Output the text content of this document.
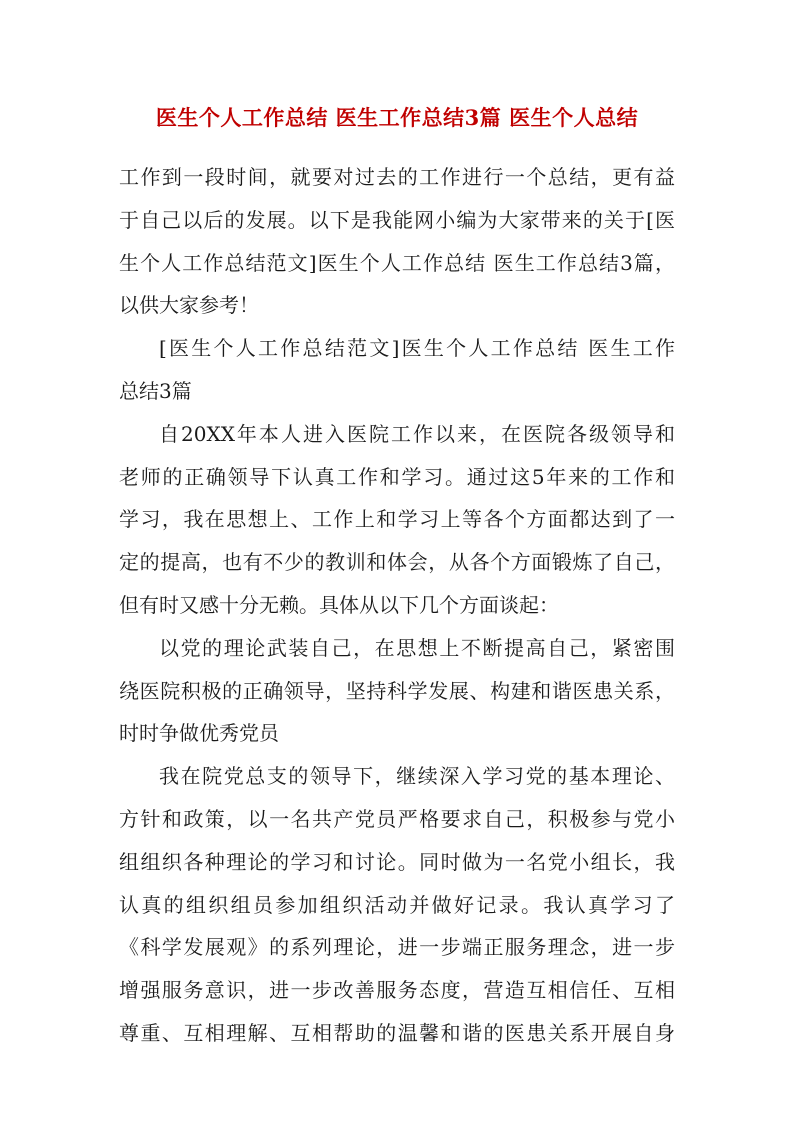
医生个人工作总结 医生工作总结3篇 医生个人总结
工作到一段时间，就要对过去的工作进行一个总结，更有益
于自己以后的发展。以下是我能网小编为大家带来的关于[医
生个人工作总结范文]医生个人工作总结 医生工作总结3篇，
以供大家参考！
[医生个人工作总结范文]医生个人工作总结 医生工作
总结3篇
自20XX年本人进入医院工作以来，在医院各级领导和
老师的正确领导下认真工作和学习。通过这5年来的工作和
学习，我在思想上、工作上和学习上等各个方面都达到了一
定的提高，也有不少的教训和体会，从各个方面锻炼了自己，
但有时又感十分无赖。具体从以下几个方面谈起：
以党的理论武装自己，在思想上不断提高自己，紧密围
绕医院积极的正确领导，坚持科学发展、构建和谐医患关系，
时时争做优秀党员
我在院党总支的领导下，继续深入学习党的基本理论、
方针和政策，以一名共产党员严格要求自己，积极参与党小
组组织各种理论的学习和讨论。同时做为一名党小组长，我
认真的组织组员参加组织活动并做好记录。我认真学习了
《科学发展观》的系列理论，进一步端正服务理念，进一步
增强服务意识，进一步改善服务态度，营造互相信任、互相
尊重、互相理解、互相帮助的温馨和谐的医患关系开展自身
